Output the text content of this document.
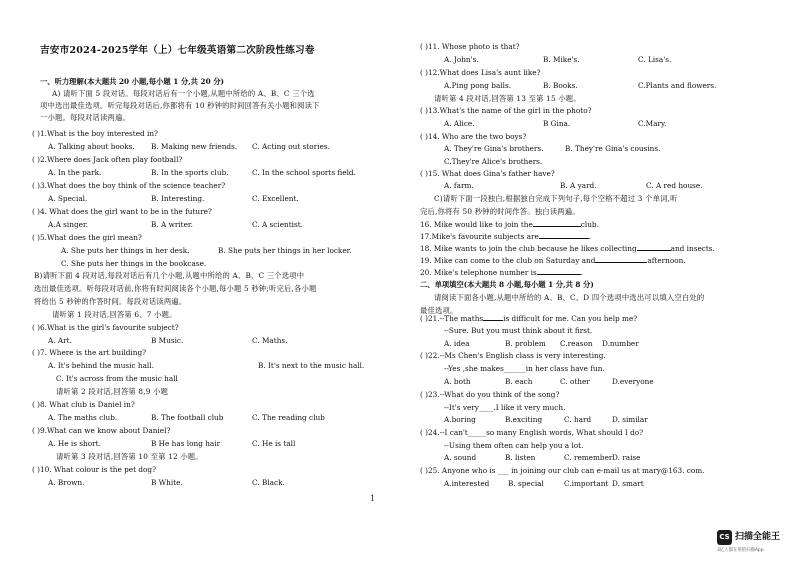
吉安市2024-2025学年（上）七年级英语第二次阶段性练习卷
一、听力理解(本大题共 20 小题,每小题 1 分,共 20 分)
A) 请听下面 5 段对话。每段对话后有一个小题,从题中所给的 A、B、C 三个选
项中选出最佳选项。听完每段对话后,你都将有 10 秒钟的时间回答有关小题和阅读下
一小题。每段对话读两遍。
( )1.What is the boy interested in?
( )2.Where does Jack often play football?
( )3.What does the boy think of the science teacher?
( )4. What does the girl want to be in the future?
( )5.What does the girl mean?
C. She puts her things in the bookcase.
B)请听下面 4 段对话,每段对话后有几个小题,从题中所给的 A、B、C 三个选项中
选出最佳选项。听每段对话前,你将有时间阅读各个小题,每小题 5 秒钟;听完后,各小题
将给出 5 秒钟的作答时间。每段对话读两遍。
请听第 1 段对话,回答第 6、7 小题。
( )6.What is the girl's favourite subject?
( )7. Where is the art building?
C. It's across from the music hall
请听第 2 段对话,回答第 8,9 小题
( )8. What club is Daniel in?
( )9.What can we know about Daniel?
请听第 3 段对话,回答第 10 至第 12 小题。
( )10. What colour is the pet dog?
A. Talking about books. B. Making new friends. C. Acting out stories.
A. In the park.	B. In the sports club.	C. In the school sports field.
A. Special.	B. Interesting.	C. Excellent.
A.A singer.	B. A writer.	C. A scientist.
A. She puts her things in her desk.	B. She puts her things in her locker.
A. Art.	B Music.	C. Maths.
A. It's behind the music hall.	B. It's next to the music hall.
A. The maths club.	B. The football club	C. The reading club
A. He is short.	B He has long hair	C. He is tall
A. Brown.	B White.	C. Black.
16. Mike would like to join the	club.
17.Mike's favourite subjects are	.
18. Mike wants to join the club because he likes collecting	and insects.
19. Mike can come to the club on Saturday and	afternoon.
20. Mike's telephone number is	.
( )21.--The maths	is difficult for me. Can you help me?
( )11. Whose photo is that?
( )12.What does Lisa's aunt like?
请听第 4 段对话,回答第 13 至第 15 小题。
( )13.What's the name of the girl in the photo?
( )14. Who are the two boys?
C.They're Alice's brothers.
( )15. What does Gina's father have?
C)请听下面一段独白,根据独白完成下列句子,每个空格不超过 3 个单词,听
完后,你将有 50 秒钟的时间作答。独白读两遍。
二、单项填空(本大题共 8 小题,每小题 1 分,共 8 分)
请阅读下面各小题,从题中所给的 A、B、C、D 四个选项中选出可以填入空白处的
最佳选项。
--Sure. But you must think about it first.
( )22.--Ms Chen's English class is very interesting.
--Yes ,she makes______in her class have fun.
( )23.--What do you think of the song?
--It's very____.I like it very much.
( )24.--I can't_____so many English words, What should I do?
--Using them often can help you a lot.
( )25. Anyone who is ___ in joining our club can e-mail us at mary@163. com.
A. John's.	B. Mike's.	C. Lisa's.
A.Ping pong balls.	B. Books.	C.Plants and flowers.
A. Alice.	B Gina.	C.Mary.
A. They're Gina's brothers.	B. They're Gina's cousins.
A. farm.	B. A yard.	C. A red house.
A. idea	B. problem C.reason D.number
A. both	B. each	C. other	D.everyone
A.boring	B.exciting	C. hard	D. similar
A. sound	B. listen	C. remember D. raise
A.interested	B. special	C.important D. smart
1
CS 扫描全能王
3亿人都在用的扫描App
